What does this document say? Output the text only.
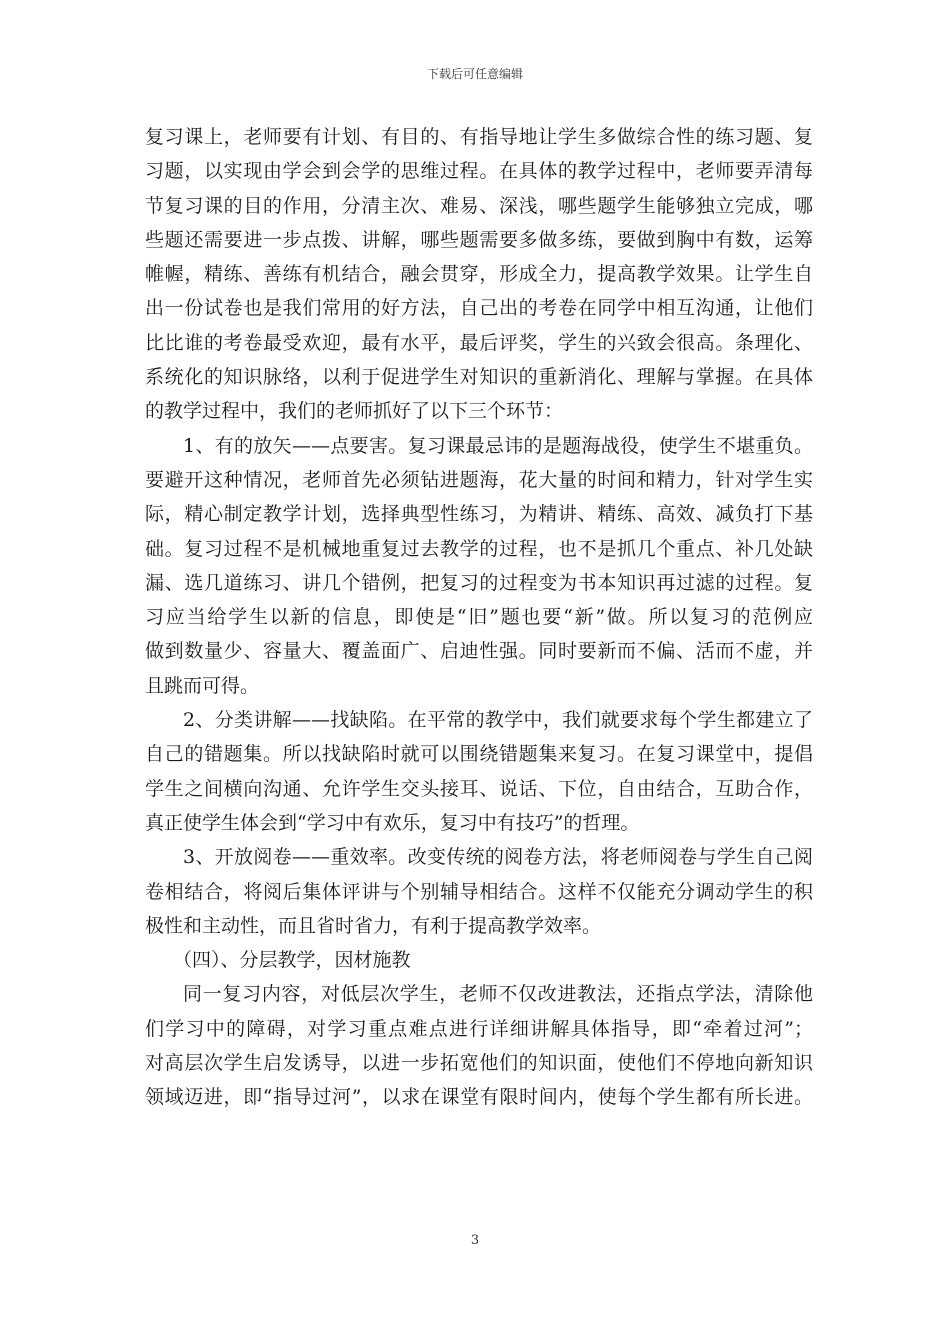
下载后可任意编辑
复习课上，老师要有计划、有目的、有指导地让学生多做综合性的练习题、复
习题，以实现由学会到会学的思维过程。在具体的教学过程中，老师要弄清每
节复习课的目的作用，分清主次、难易、深浅，哪些题学生能够独立完成，哪
些题还需要进一步点拨、讲解，哪些题需要多做多练，要做到胸中有数，运筹
帷幄，精练、善练有机结合，融会贯穿，形成全力，提高教学效果。让学生自
出一份试卷也是我们常用的好方法，自己出的考卷在同学中相互沟通，让他们
比比谁的考卷最受欢迎，最有水平，最后评奖，学生的兴致会很高。条理化、
系统化的知识脉络，以利于促进学生对知识的重新消化、理解与掌握。在具体
的教学过程中，我们的老师抓好了以下三个环节：
1、有的放矢——点要害。复习课最忌讳的是题海战役，使学生不堪重负。
要避开这种情况，老师首先必须钻进题海，花大量的时间和精力，针对学生实
际，精心制定教学计划，选择典型性练习，为精讲、精练、高效、减负打下基
础。复习过程不是机械地重复过去教学的过程，也不是抓几个重点、补几处缺
漏、选几道练习、讲几个错例，把复习的过程变为书本知识再过滤的过程。复
习应当给学生以新的信息，即使是“旧”题也要“新”做。所以复习的范例应
做到数量少、容量大、覆盖面广、启迪性强。同时要新而不偏、活而不虚，并
且跳而可得。
2、分类讲解——找缺陷。在平常的教学中，我们就要求每个学生都建立了
自己的错题集。所以找缺陷时就可以围绕错题集来复习。在复习课堂中，提倡
学生之间横向沟通、允许学生交头接耳、说话、下位，自由结合，互助合作，
真正使学生体会到“学习中有欢乐，复习中有技巧”的哲理。
3、开放阅卷——重效率。改变传统的阅卷方法，将老师阅卷与学生自己阅
卷相结合，将阅后集体评讲与个别辅导相结合。这样不仅能充分调动学生的积
极性和主动性，而且省时省力，有利于提高教学效率。
（四）、分层教学，因材施教
同一复习内容，对低层次学生，老师不仅改进教法，还指点学法，清除他
们学习中的障碍，对学习重点难点进行详细讲解具体指导，即“牵着过河”；
对高层次学生启发诱导，以进一步拓宽他们的知识面，使他们不停地向新知识
领域迈进，即“指导过河”，以求在课堂有限时间内，使每个学生都有所长进。
3
